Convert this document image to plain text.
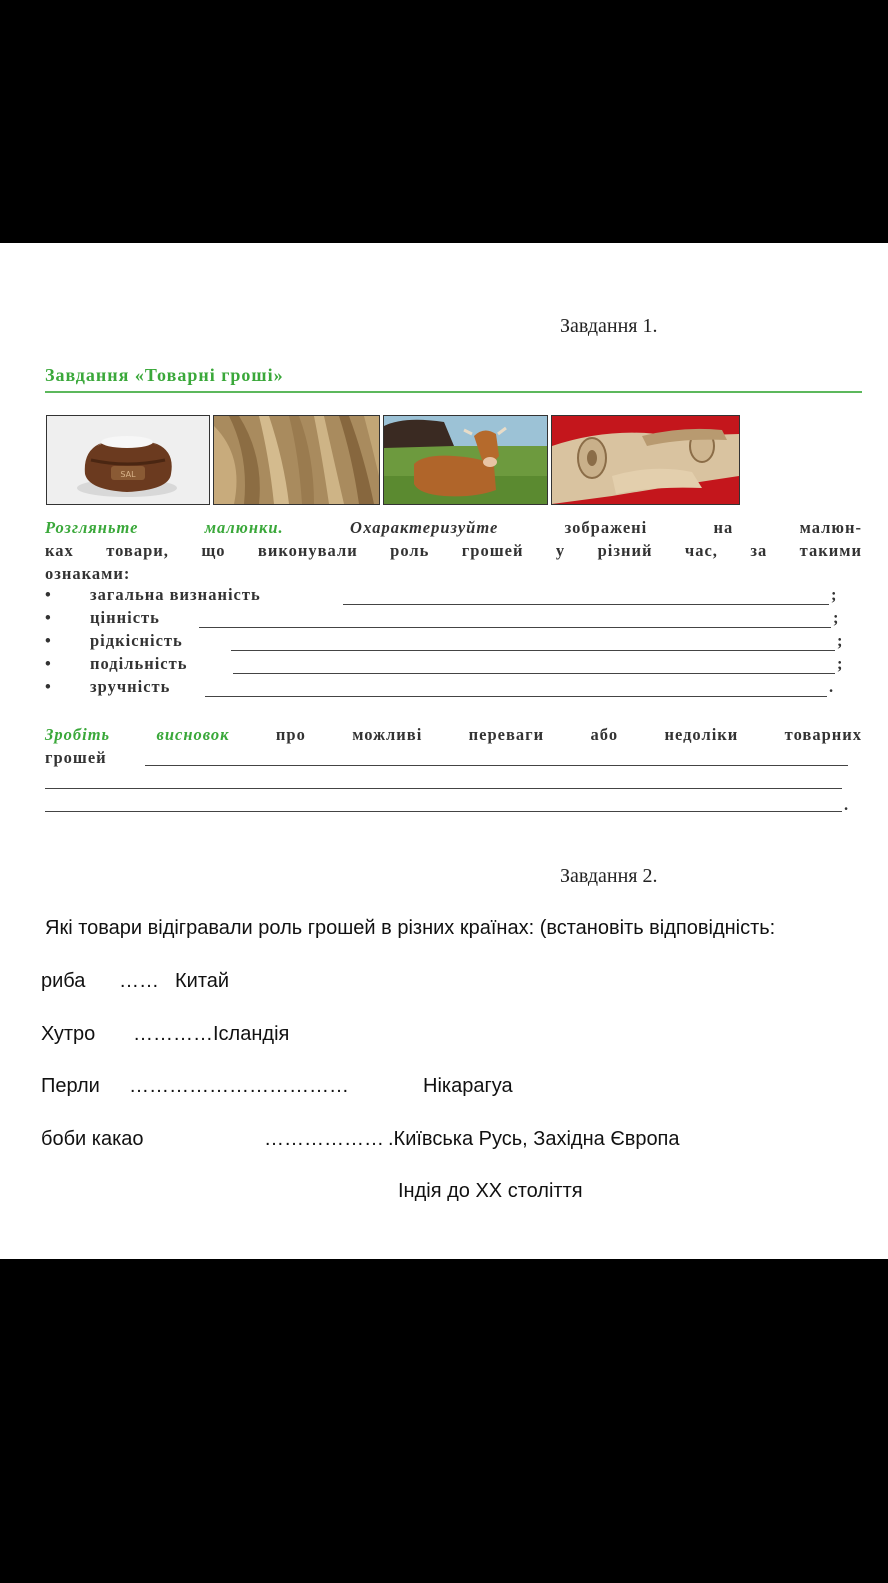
Завдання 1.
Завдання «Товарні гроші»
SAL
Розгляньте малюнки.	Охарактеризуйте	зображені на малюн-
ках товари, що виконували роль грошей у різний час, за такими
ознаками:
• загальна визнаність	;
• цінність	;
• рідкісність	;
• подільність	;
• зручність	.
Зробіть висновок	про можливі переваги або недоліки товарних
грошей
.
Завдання 2.
Які товари відігравали роль грошей в різних країнах: (встановіть відповідність:
риба …… Китай
Хутро …………Ісландія
Перли ……………………………	Нікарагуа
боби какао	……………… .Київська Русь, Західна Європа
Індія до XX століття
